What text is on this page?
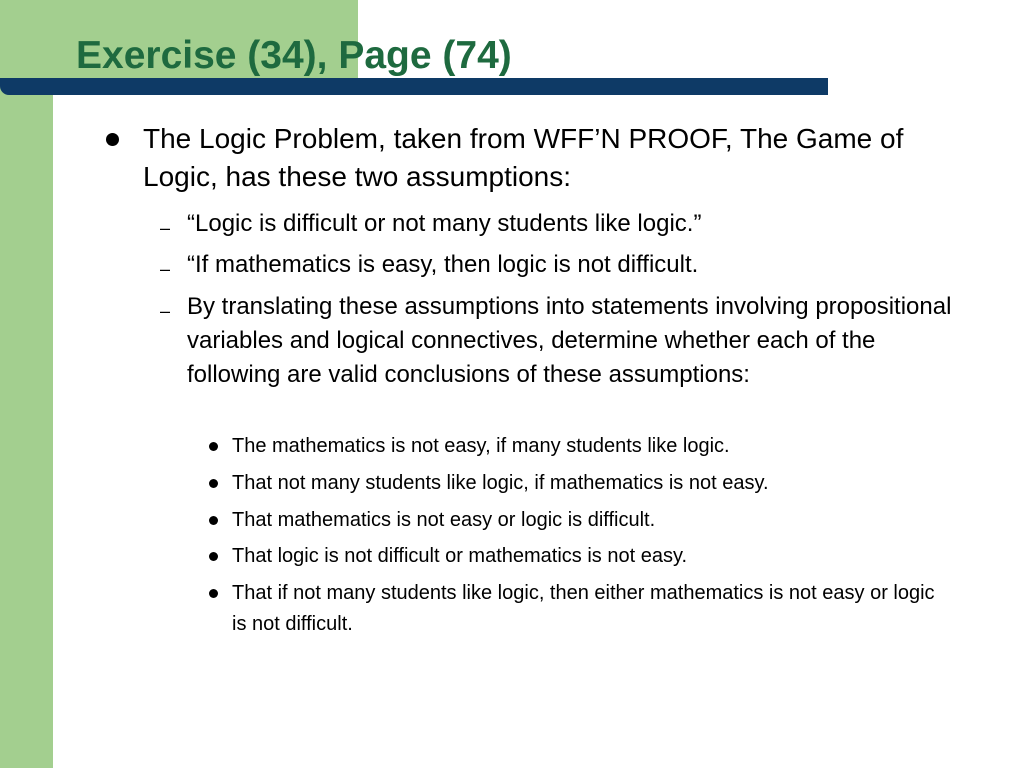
Exercise (34), Page (74)

The Logic Problem, taken from WFF’N PROOF, The Game of Logic, has these two assumptions:

– “Logic is difficult or not many students like logic.”

– “If mathematics is easy, then logic is not difficult.

– By translating these assumptions into statements involving propositional variables and logical connectives, determine whether each of the following are valid conclusions of these assumptions:

The mathematics is not easy, if many students like logic.

That not many students like logic, if mathematics is not easy.

That mathematics is not easy or logic is difficult.

That logic is not difficult or mathematics is not easy.

That if not many students like logic, then either mathematics is not easy or logic is not difficult.
